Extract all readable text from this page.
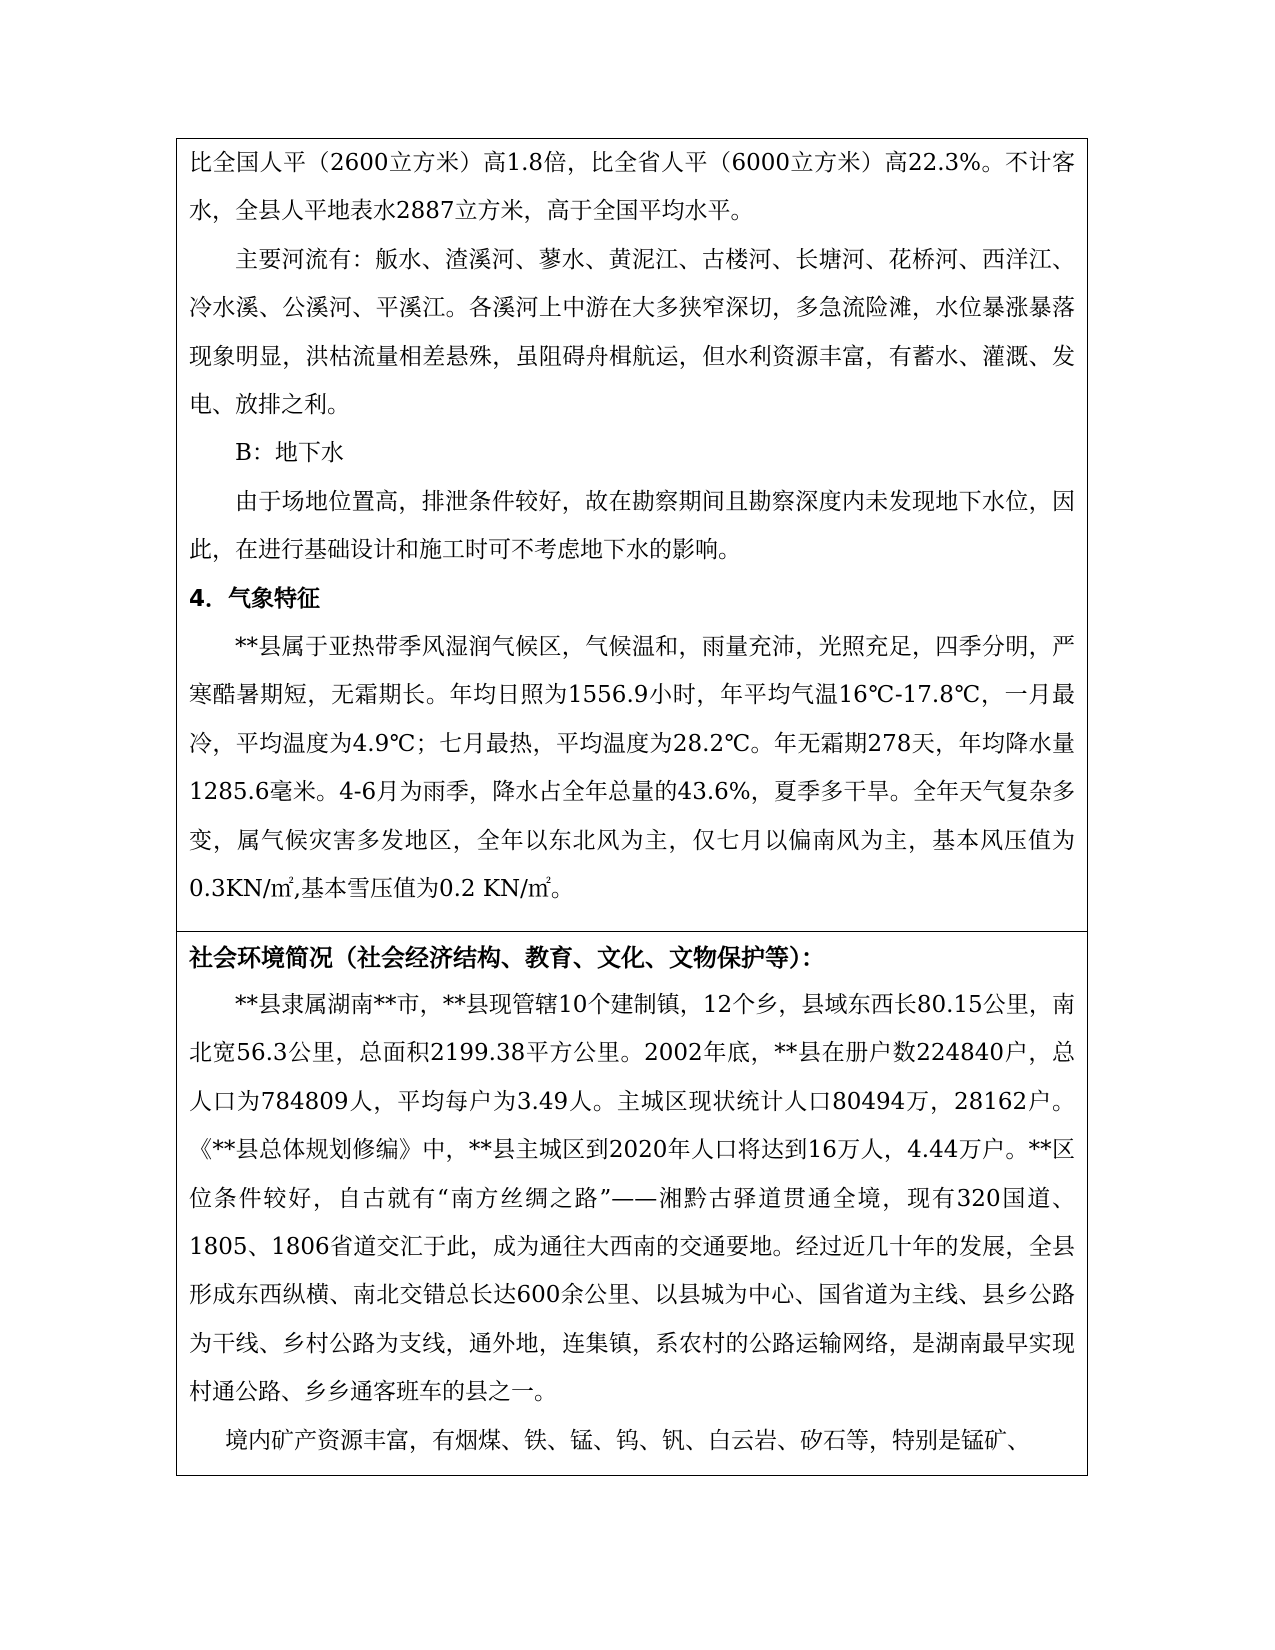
比全国人平（2600立方米）高1.8倍，比全省人平（6000立方米）高22.3%。不计客水，全县人平地表水2887立方米，高于全国平均水平。

主要河流有：舨水、渣溪河、蓼水、黄泥江、古楼河、长塘河、花桥河、西洋江、冷水溪、公溪河、平溪江。各溪河上中游在大多狭窄深切，多急流险滩，水位暴涨暴落现象明显，洪枯流量相差悬殊，虽阻碍舟楫航运，但水利资源丰富，有蓄水、灌溉、发电、放排之利。

B：地下水

由于场地位置高，排泄条件较好，故在勘察期间且勘察深度内未发现地下水位，因此，在进行基础设计和施工时可不考虑地下水的影响。

4．气象特征

**县属于亚热带季风湿润气候区，气候温和，雨量充沛，光照充足，四季分明，严寒酷暑期短，无霜期长。年均日照为1556.9小时，年平均气温16℃-17.8℃，一月最冷，平均温度为4.9℃；七月最热，平均温度为28.2℃。年无霜期278天，年均降水量1285.6毫米。4-6月为雨季，降水占全年总量的43.6%，夏季多干旱。全年天气复杂多变，属气候灾害多发地区，全年以东北风为主，仅七月以偏南风为主，基本风压值为0.3KN/㎡,基本雪压值为0.2 KN/㎡。

社会环境简况（社会经济结构、教育、文化、文物保护等）：

**县隶属湖南**市，**县现管辖10个建制镇，12个乡，县域东西长80.15公里，南北宽56.3公里，总面积2199.38平方公里。2002年底，**县在册户数224840户，总人口为784809人，平均每户为3.49人。主城区现状统计人口80494万，28162户。《**县总体规划修编》中，**县主城区到2020年人口将达到16万人，4.44万户。**区位条件较好，自古就有“南方丝绸之路”——湘黔古驿道贯通全境，现有320国道、1805、1806省道交汇于此，成为通往大西南的交通要地。经过近几十年的发展，全县形成东西纵横、南北交错总长达600余公里、以县城为中心、国省道为主线、县乡公路为干线、乡村公路为支线，通外地，连集镇，系农村的公路运输网络，是湖南最早实现村通公路、乡乡通客班车的县之一。

境内矿产资源丰富，有烟煤、铁、锰、钨、钒、白云岩、矽石等，特别是锰矿、
